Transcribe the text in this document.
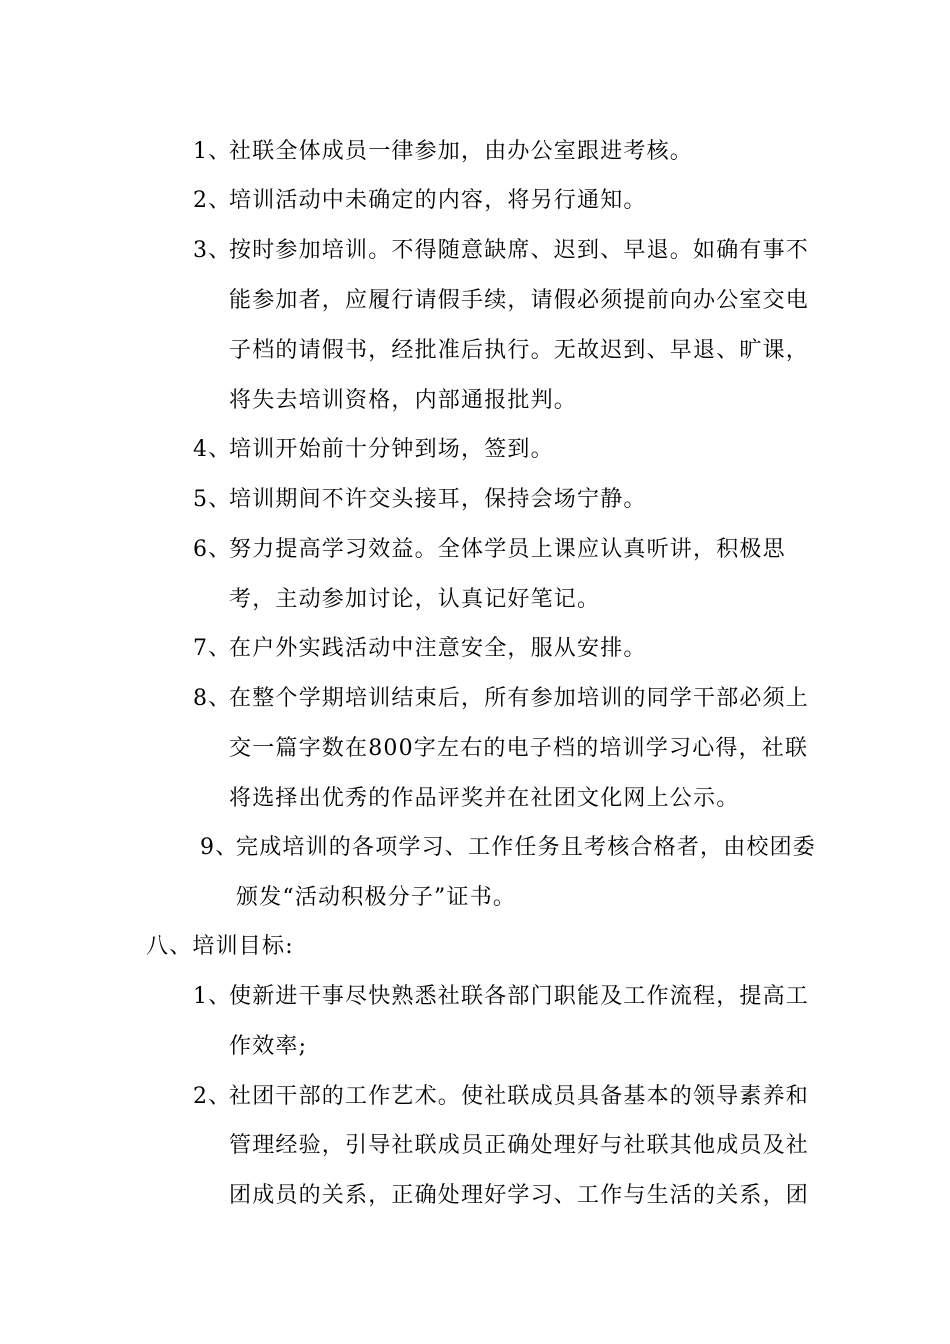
1、
社联全体成员一律参加，由办公室跟进考核。
2、
培训活动中未确定的内容，将另行通知。
3、
按时参加培训。不得随意缺席、迟到、早退。如确有事不
能参加者，应履行请假手续，请假必须提前向办公室交电
子档的请假书，经批准后执行。无故迟到、早退、旷课，
将失去培训资格，内部通报批判。
4、
培训开始前十分钟到场，签到。
5、
培训期间不许交头接耳，保持会场宁静。
6、
努力提高学习效益。全体学员上课应认真听讲，积极思
考，主动参加讨论，认真记好笔记。
7、
在户外实践活动中注意安全，服从安排。
8、
在整个学期培训结束后，所有参加培训的同学干部必须上
交一篇字数在800字左右的电子档的培训学习心得，社联
将选择出优秀的作品评奖并在社团文化网上公示。
9、
完成培训的各项学习、工作任务且考核合格者，由校团委
颁发“活动积极分子”证书。
八、培训目标:
1、
使新进干事尽快熟悉社联各部门职能及工作流程，提高工
作效率;
2、
社团干部的工作艺术。使社联成员具备基本的领导素养和
管理经验，引导社联成员正确处理好与社联其他成员及社
团成员的关系，正确处理好学习、工作与生活的关系，团
